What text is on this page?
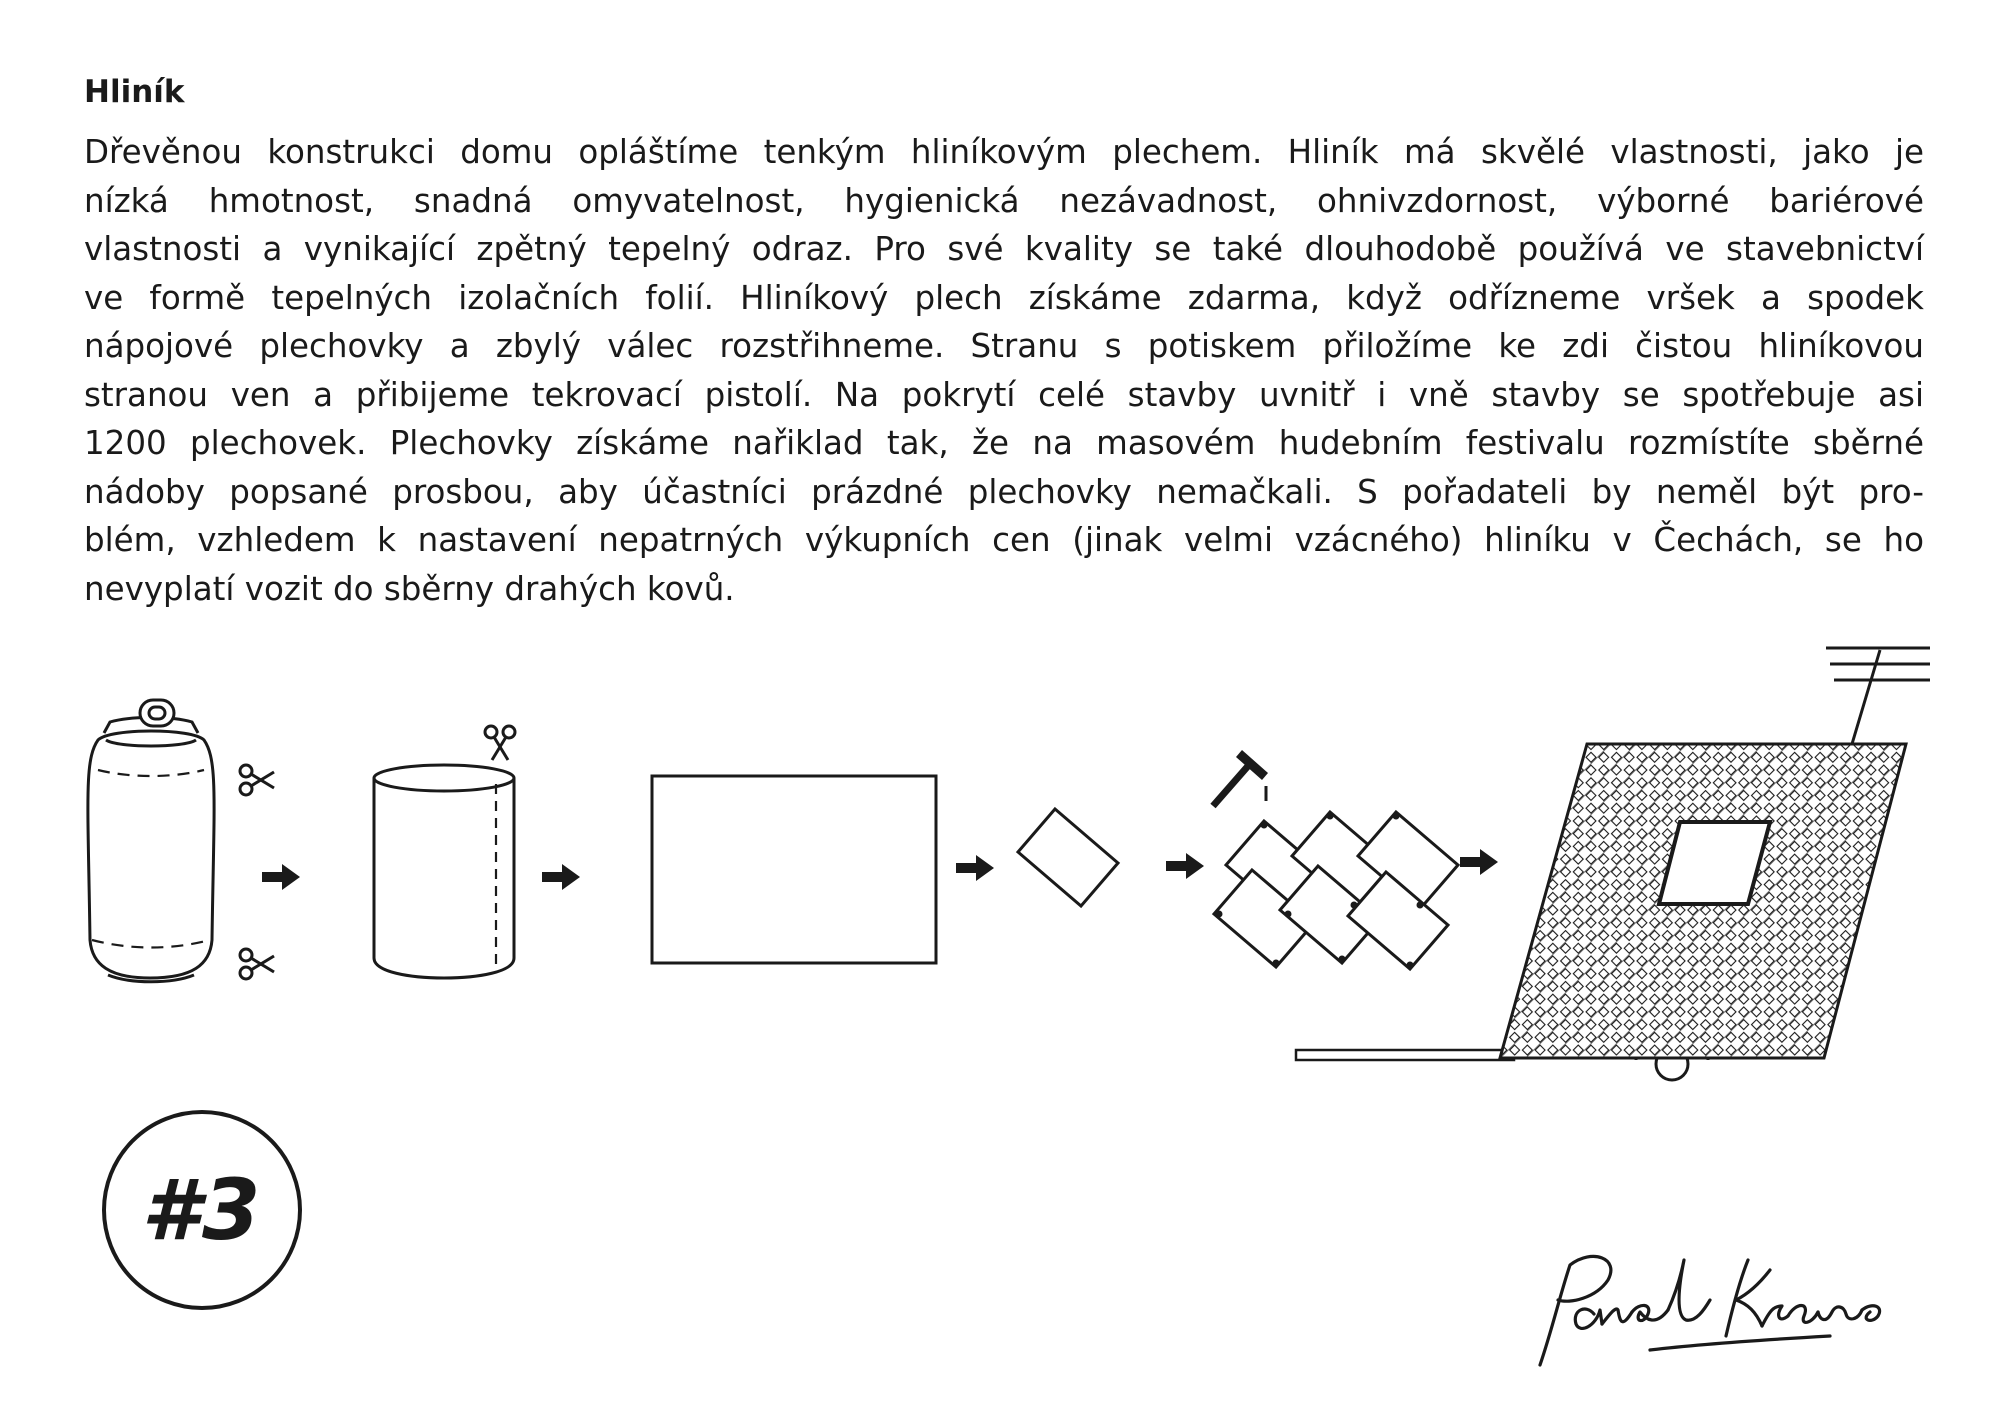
Hliník
Dřevěnou konstrukci domu opláštíme tenkým hliníkovým plechem. Hliník má skvělé vlastnosti, jako je
nízká hmotnost, snadná omyvatelnost, hygienická nezávadnost, ohnivzdornost, výborné bariérové
vlastnosti a vynikající zpětný tepelný odraz. Pro své kvality se také dlouhodobě používá ve stavebnictví
ve formě tepelných izolačních folií. Hliníkový plech získáme zdarma, když odřízneme vršek a spodek
nápojové plechovky a zbylý válec rozstřihneme. Stranu s potiskem přiložíme ke zdi čistou hliníkovou
stranou ven a přibijeme tekrovací pistolí. Na pokrytí celé stavby uvnitř i vně stavby se spotřebuje asi
1200 plechovek. Plechovky získáme nařiklad tak, že na masovém hudebním festivalu rozmístíte sběrné
nádoby popsané prosbou, aby účastníci prázdné plechovky nemačkali. S pořadateli by neměl být pro-
blém, vzhledem k nastavení nepatrných výkupních cen (jinak velmi vzácného) hliníku v Čechách, se ho
nevyplatí vozit do sběrny drahých kovů.
#3
